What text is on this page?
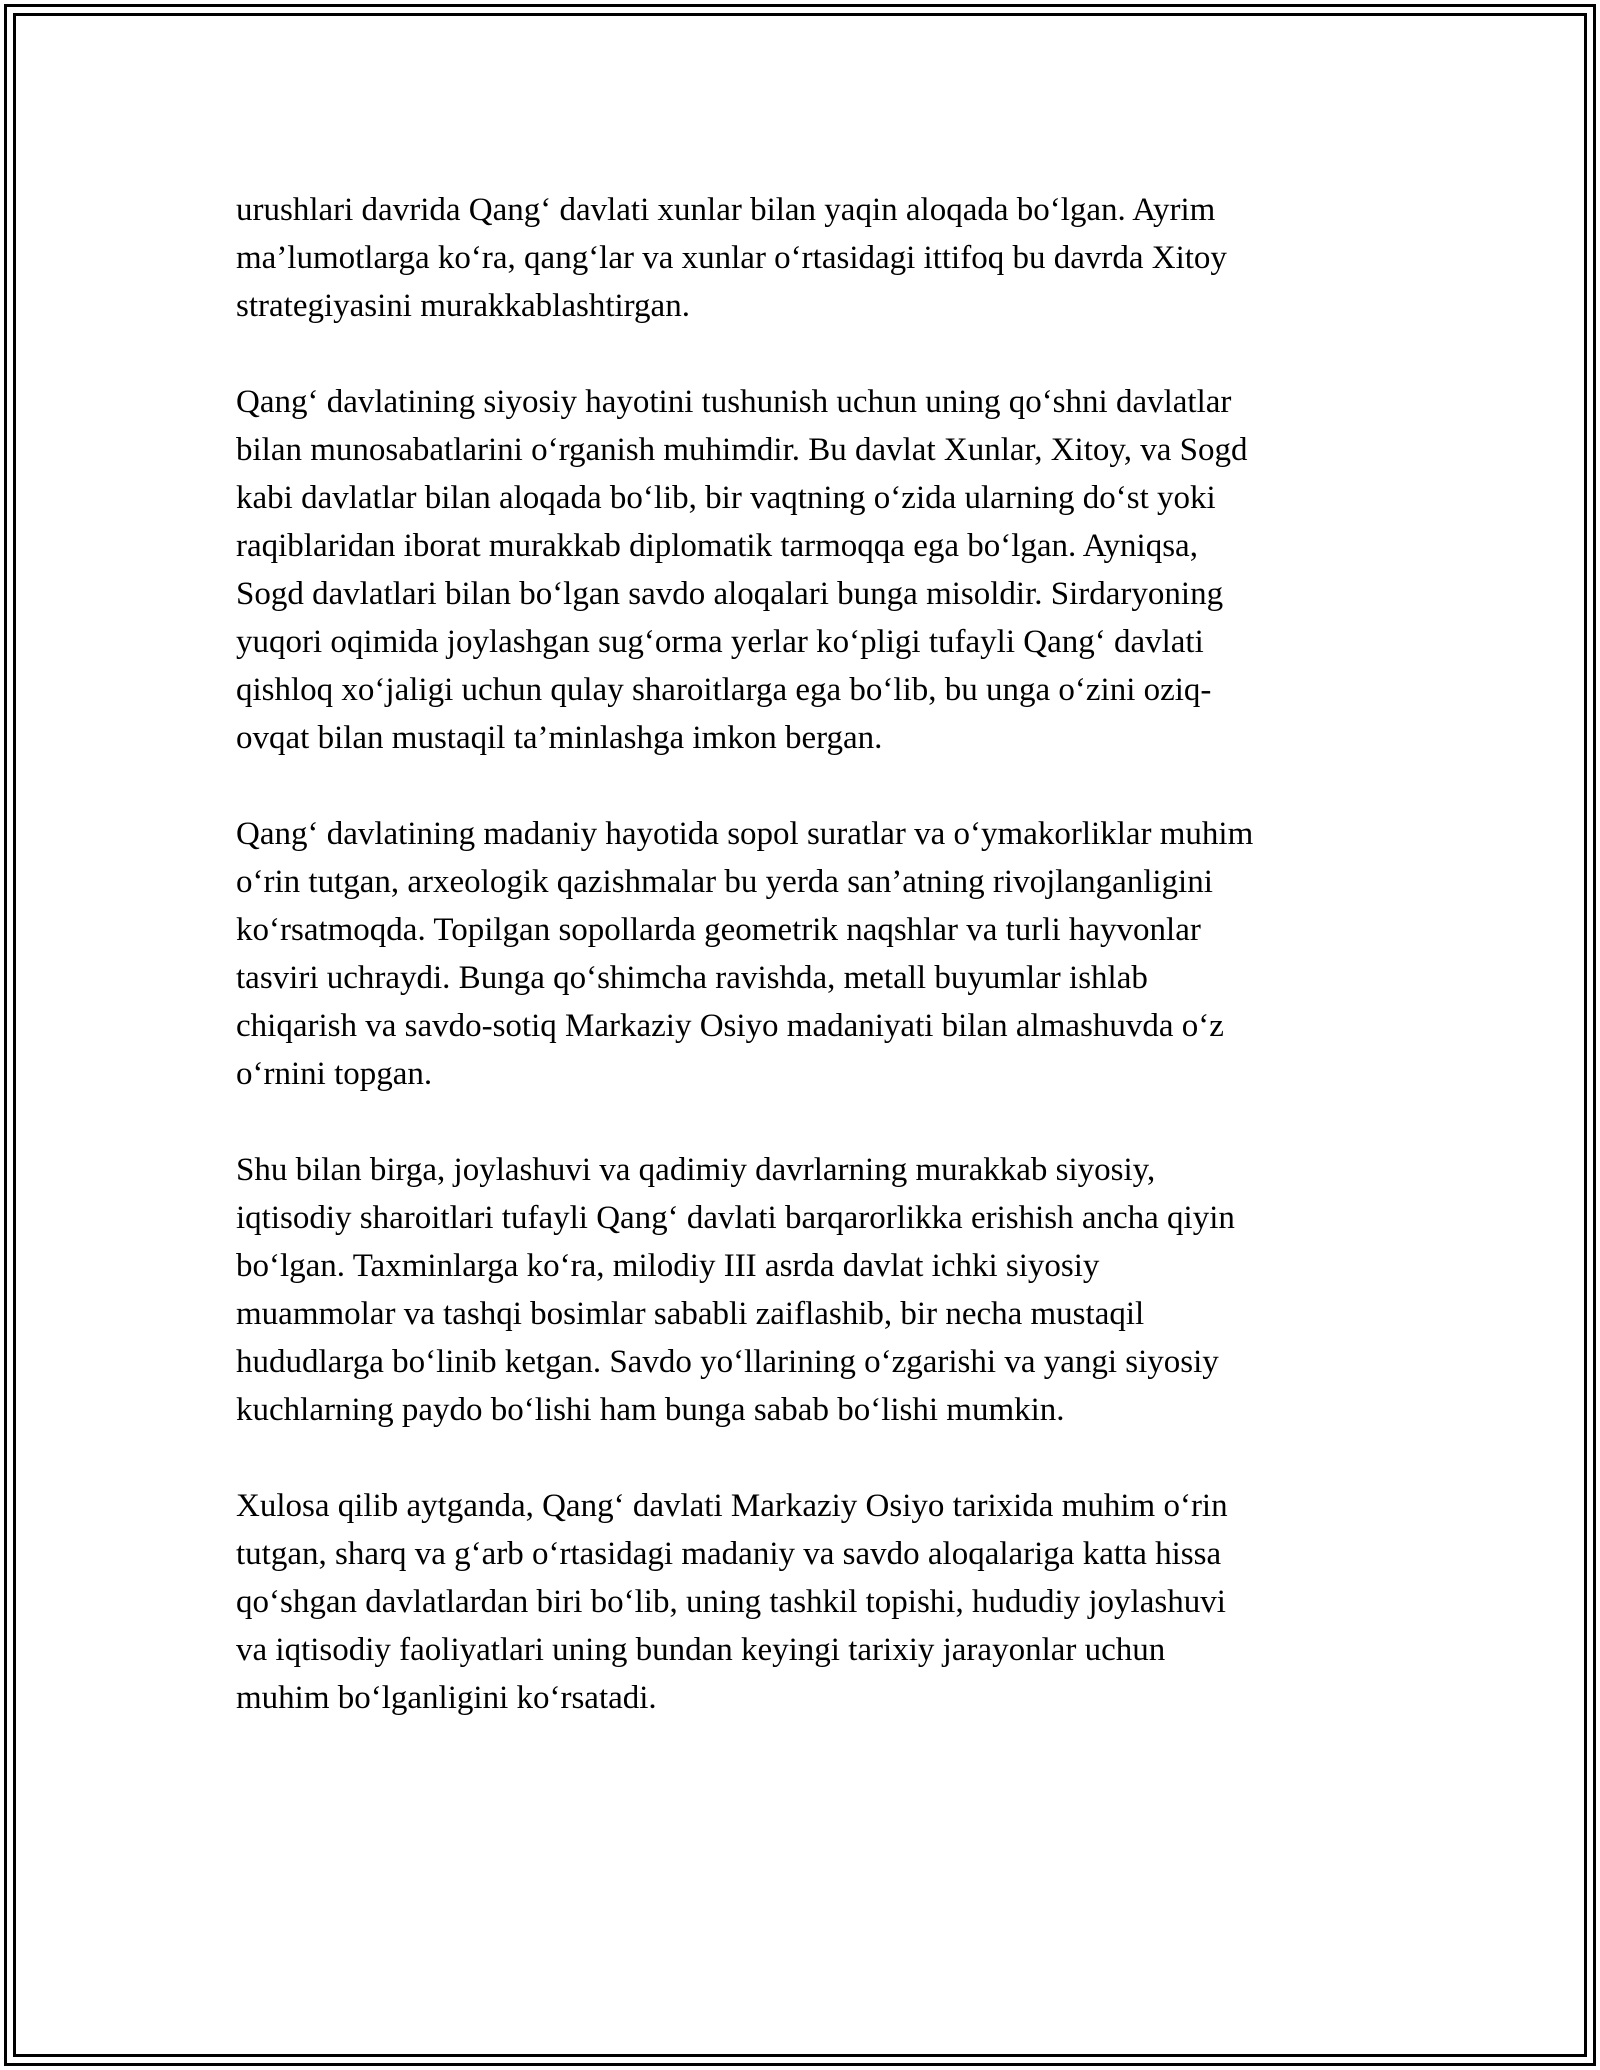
urushlari davrida Qang‘ davlati xunlar bilan yaqin aloqada bo‘lgan. Ayrim
ma’lumotlarga ko‘ra, qang‘lar va xunlar o‘rtasidagi ittifoq bu davrda Xitoy
strategiyasini murakkablashtirgan.

Qang‘ davlatining siyosiy hayotini tushunish uchun uning qo‘shni davlatlar
bilan munosabatlarini o‘rganish muhimdir. Bu davlat Xunlar, Xitoy, va Sogd
kabi davlatlar bilan aloqada bo‘lib, bir vaqtning o‘zida ularning do‘st yoki
raqiblaridan iborat murakkab diplomatik tarmoqqa ega bo‘lgan. Ayniqsa,
Sogd davlatlari bilan bo‘lgan savdo aloqalari bunga misoldir. Sirdaryoning
yuqori oqimida joylashgan sug‘orma yerlar ko‘pligi tufayli Qang‘ davlati
qishloq xo‘jaligi uchun qulay sharoitlarga ega bo‘lib, bu unga o‘zini oziq-
ovqat bilan mustaqil ta’minlashga imkon bergan.

Qang‘ davlatining madaniy hayotida sopol suratlar va o‘ymakorliklar muhim
o‘rin tutgan, arxeologik qazishmalar bu yerda san’atning rivojlanganligini
ko‘rsatmoqda. Topilgan sopollarda geometrik naqshlar va turli hayvonlar
tasviri uchraydi. Bunga qo‘shimcha ravishda, metall buyumlar ishlab
chiqarish va savdo-sotiq Markaziy Osiyo madaniyati bilan almashuvda o‘z
o‘rnini topgan.

Shu bilan birga, joylashuvi va qadimiy davrlarning murakkab siyosiy,
iqtisodiy sharoitlari tufayli Qang‘ davlati barqarorlikka erishish ancha qiyin
bo‘lgan. Taxminlarga ko‘ra, milodiy III asrda davlat ichki siyosiy
muammolar va tashqi bosimlar sababli zaiflashib, bir necha mustaqil
hududlarga bo‘linib ketgan. Savdo yo‘llarining o‘zgarishi va yangi siyosiy
kuchlarning paydo bo‘lishi ham bunga sabab bo‘lishi mumkin.

Xulosa qilib aytganda, Qang‘ davlati Markaziy Osiyo tarixida muhim o‘rin
tutgan, sharq va g‘arb o‘rtasidagi madaniy va savdo aloqalariga katta hissa
qo‘shgan davlatlardan biri bo‘lib, uning tashkil topishi, hududiy joylashuvi
va iqtisodiy faoliyatlari uning bundan keyingi tarixiy jarayonlar uchun
muhim bo‘lganligini ko‘rsatadi.
